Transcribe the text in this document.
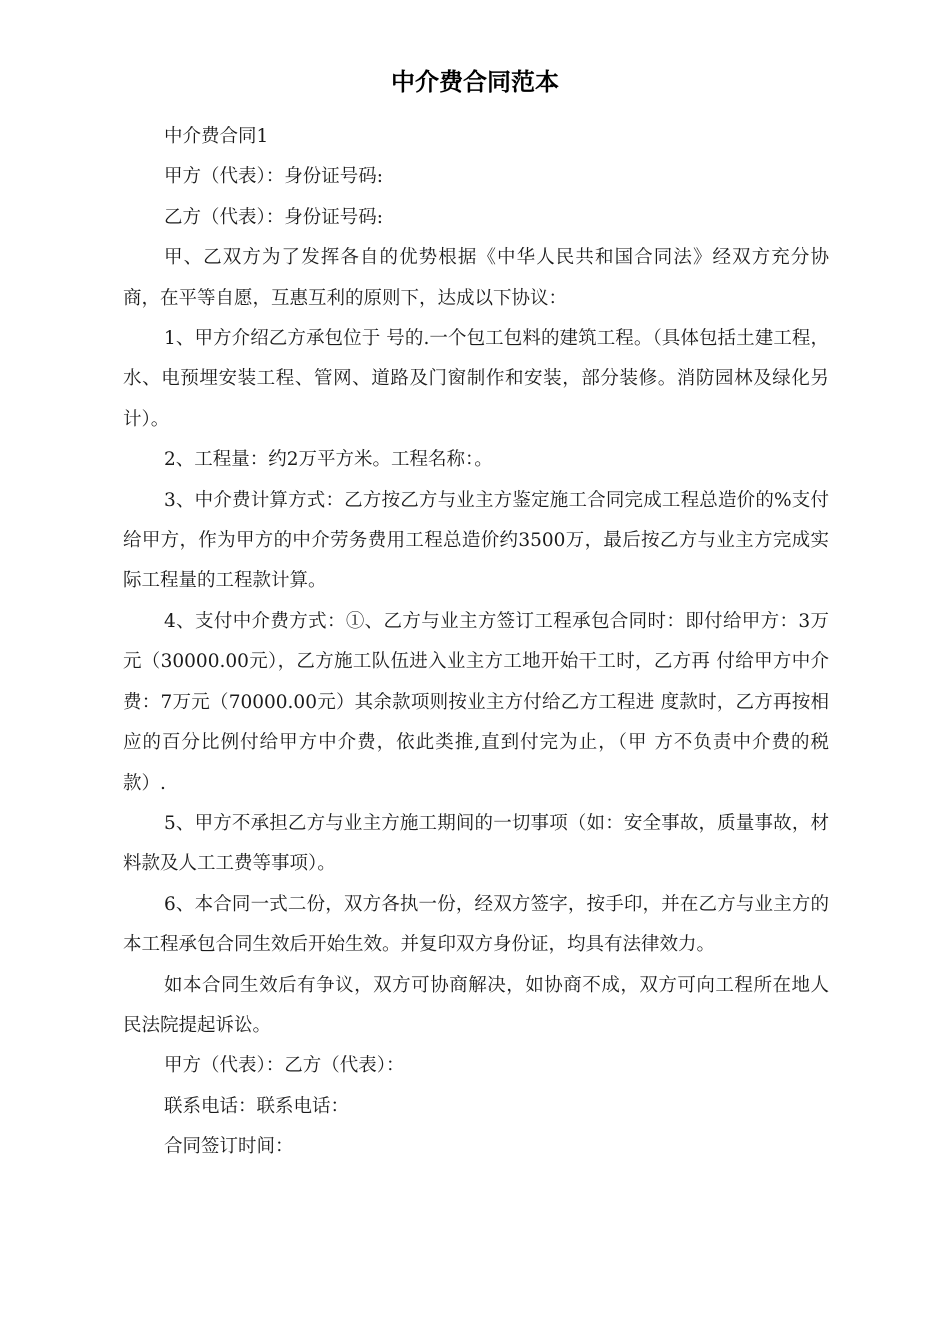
中介费合同范本

中介费合同1

甲方（代表）：身份证号码:

乙方（代表）：身份证号码:

甲、乙双方为了发挥各自的优势根据《中华人民共和国合同法》经双方充分协商，在平等自愿，互惠互利的原则下，达成以下协议：

1、甲方介绍乙方承包位于 号的.一个包工包料的建筑工程。（具体包括土建工程，水、电预埋安装工程、管网、道路及门窗制作和安装，部分装修。消防园林及绿化另计）。

2、工程量：约2万平方米。工程名称：。

3、中介费计算方式：乙方按乙方与业主方鉴定施工合同完成工程总造价的%支付给甲方，作为甲方的中介劳务费用工程总造价约3500万，最后按乙方与业主方完成实际工程量的工程款计算。

4、支付中介费方式：①、乙方与业主方签订工程承包合同时：即付给甲方：3万元（30000.00元），乙方施工队伍进入业主方工地开始干工时，乙方再 付给甲方中介费：7万元（70000.00元）其余款项则按业主方付给乙方工程进 度款时，乙方再按相应的百分比例付给甲方中介费，依此类推,直到付完为止，（甲 方不负责中介费的税款）.

5、甲方不承担乙方与业主方施工期间的一切事项（如：安全事故，质量事故，材料款及人工工费等事项）。

6、本合同一式二份，双方各执一份，经双方签字，按手印，并在乙方与业主方的本工程承包合同生效后开始生效。并复印双方身份证，均具有法律效力。

如本合同生效后有争议，双方可协商解决，如协商不成，双方可向工程所在地人民法院提起诉讼。

甲方（代表）：乙方（代表）：

联系电话：联系电话：

合同签订时间：
